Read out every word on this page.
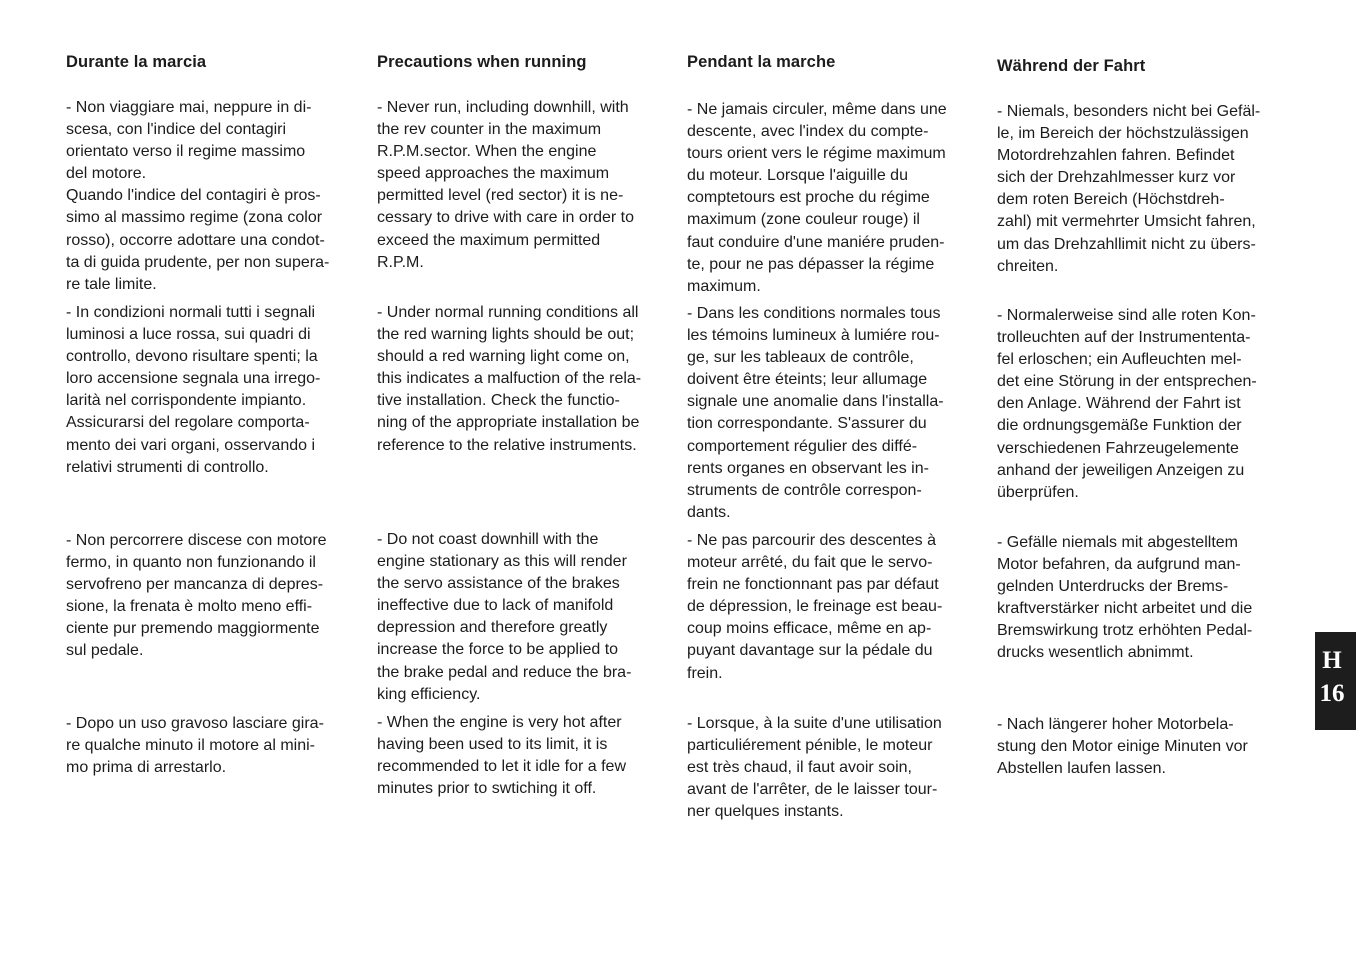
Durante la marcia

- Non viaggiare mai, neppure in di-
scesa, con l'indice del contagiri
orientato verso il regime massimo
del motore.
Quando l'indice del contagiri è pros-
simo al massimo regime (zona color
rosso), occorre adottare una condot-
ta di guida prudente, per non supera-
re tale limite.

- In condizioni normali tutti i segnali
luminosi a luce rossa, sui quadri di
controllo, devono risultare spenti; la
loro accensione segnala una irrego-
larità nel corrispondente impianto.
Assicurarsi del regolare comporta-
mento dei vari organi, osservando i
relativi strumenti di controllo.

- Non percorrere discese con motore
fermo, in quanto non funzionando il
servofreno per mancanza di depres-
sione, la frenata è molto meno effi-
ciente pur premendo maggiormente
sul pedale.

- Dopo un uso gravoso lasciare gira-
re qualche minuto il motore al mini-
mo prima di arrestarlo.

Precautions when running

- Never run, including downhill, with
the rev counter in the maximum
R.P.M.sector. When the engine
speed approaches the maximum
permitted level (red sector) it is ne-
cessary to drive with care in order to
exceed the maximum permitted
R.P.M.

- Under normal running conditions all
the red warning lights should be out;
should a red warning light come on,
this indicates a malfuction of the rela-
tive installation. Check the functio-
ning of the appropriate installation be
reference to the relative instruments.

- Do not coast downhill with the
engine stationary as this will render
the servo assistance of the brakes
ineffective due to lack of manifold
depression and therefore greatly
increase the force to be applied to
the brake pedal and reduce the bra-
king efficiency.

- When the engine is very hot after
having been used to its limit, it is
recommended to let it idle for a few
minutes prior to swtiching it off.

Pendant la marche

- Ne jamais circuler, même dans une
descente, avec l'index du compte-
tours orient vers le régime maximum
du moteur. Lorsque l'aiguille du
comptetours est proche du régime
maximum (zone couleur rouge) il
faut conduire d'une maniére pruden-
te, pour ne pas dépasser la régime
maximum.

- Dans les conditions normales tous
les témoins lumineux à lumiére rou-
ge, sur les tableaux de contrôle,
doivent être éteints; leur allumage
signale une anomalie dans l'installa-
tion correspondante. S'assurer du
comportement régulier des diffé-
rents organes en observant les in-
struments de contrôle correspon-
dants.

- Ne pas parcourir des descentes à
moteur arrêté, du fait que le servo-
frein ne fonctionnant pas par défaut
de dépression, le freinage est beau-
coup moins efficace, même en ap-
puyant davantage sur la pédale du
frein.

- Lorsque, à la suite d'une utilisation
particuliérement pénible, le moteur
est très chaud, il faut avoir soin,
avant de l'arrêter, de le laisser tour-
ner quelques instants.

Während der Fahrt

- Niemals, besonders nicht bei Gefäl-
le, im Bereich der höchstzulässigen
Motordrehzahlen fahren. Befindet
sich der Drehzahlmesser kurz vor
dem roten Bereich (Höchstdreh-
zahl) mit vermehrter Umsicht fahren,
um das Drehzahllimit nicht zu übers-
chreiten.

- Normalerweise sind alle roten Kon-
trolleuchten auf der Instrumententa-
fel erloschen; ein Aufleuchten mel-
det eine Störung in der entsprechen-
den Anlage. Während der Fahrt ist
die ordnungsgemäße Funktion der
verschiedenen Fahrzeugelemente
anhand der jeweiligen Anzeigen zu
überprüfen.

- Gefälle niemals mit abgestelltem
Motor befahren, da aufgrund man-
gelnden Unterdrucks der Brems-
kraftverstärker nicht arbeitet und die
Bremswirkung trotz erhöhten Pedal-
drucks wesentlich abnimmt.

- Nach längerer hoher Motorbela-
stung den Motor einige Minuten vor
Abstellen laufen lassen.

H
16
